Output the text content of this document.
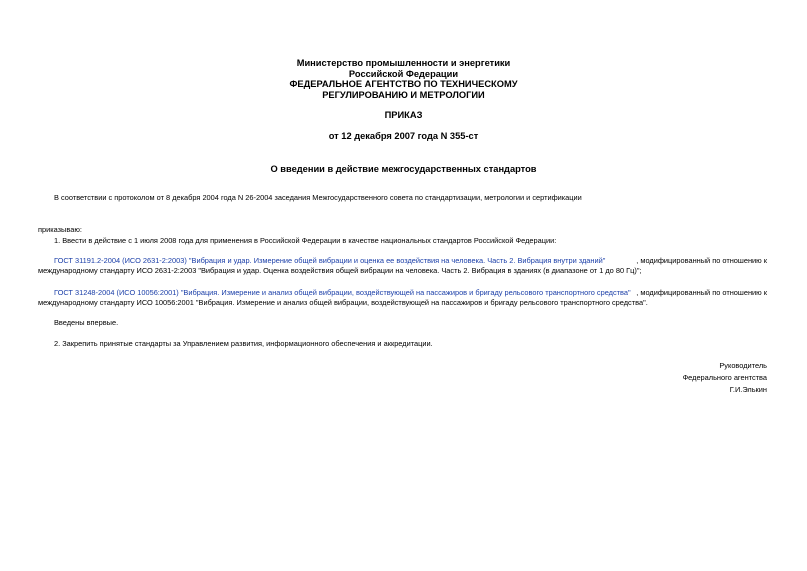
Министерство промышленности и энергетики
Российской Федерации
ФЕДЕРАЛЬНОЕ АГЕНТСТВО ПО ТЕХНИЧЕСКОМУ
РЕГУЛИРОВАНИЮ И МЕТРОЛОГИИ
ПРИКАЗ
от 12 декабря 2007 года N 355-ст
О введении в действие межгосударственных стандартов
В соответствии с протоколом от 8 декабря 2004 года N 26-2004 заседания Межгосударственного совета по стандартизации, метрологии и сертификации
приказываю:
1. Ввести в действие с 1 июля 2008 года для применения в Российской Федерации в качестве национальных стандартов Российской Федерации:
ГОСТ 31191.2-2004 (ИСО 2631-2:2003) "Вибрация и удар. Измерение общей вибрации и оценка ее воздействия на человека. Часть 2. Вибрация внутри зданий"	, модифицированный по отношению к
международному стандарту ИСО 2631-2:2003 "Вибрация и удар. Оценка воздействия общей вибрации на человека. Часть 2. Вибрация в зданиях (в диапазоне от 1 до 80 Гц)";
ГОСТ 31248-2004 (ИСО 10056:2001) "Вибрация. Измерение и анализ общей вибрации, воздействующей на пассажиров и бригаду рельсового транспортного средства" , модифицированный по отношению к
международному стандарту ИСО 10056:2001 "Вибрация. Измерение и анализ общей вибрации, воздействующей на пассажиров и бригаду рельсового транспортного средства".
Введены впервые.
2. Закрепить принятые стандарты за Управлением развития, информационного обеспечения и аккредитации.
Руководитель
Федерального агентства
Г.И.Элькин
